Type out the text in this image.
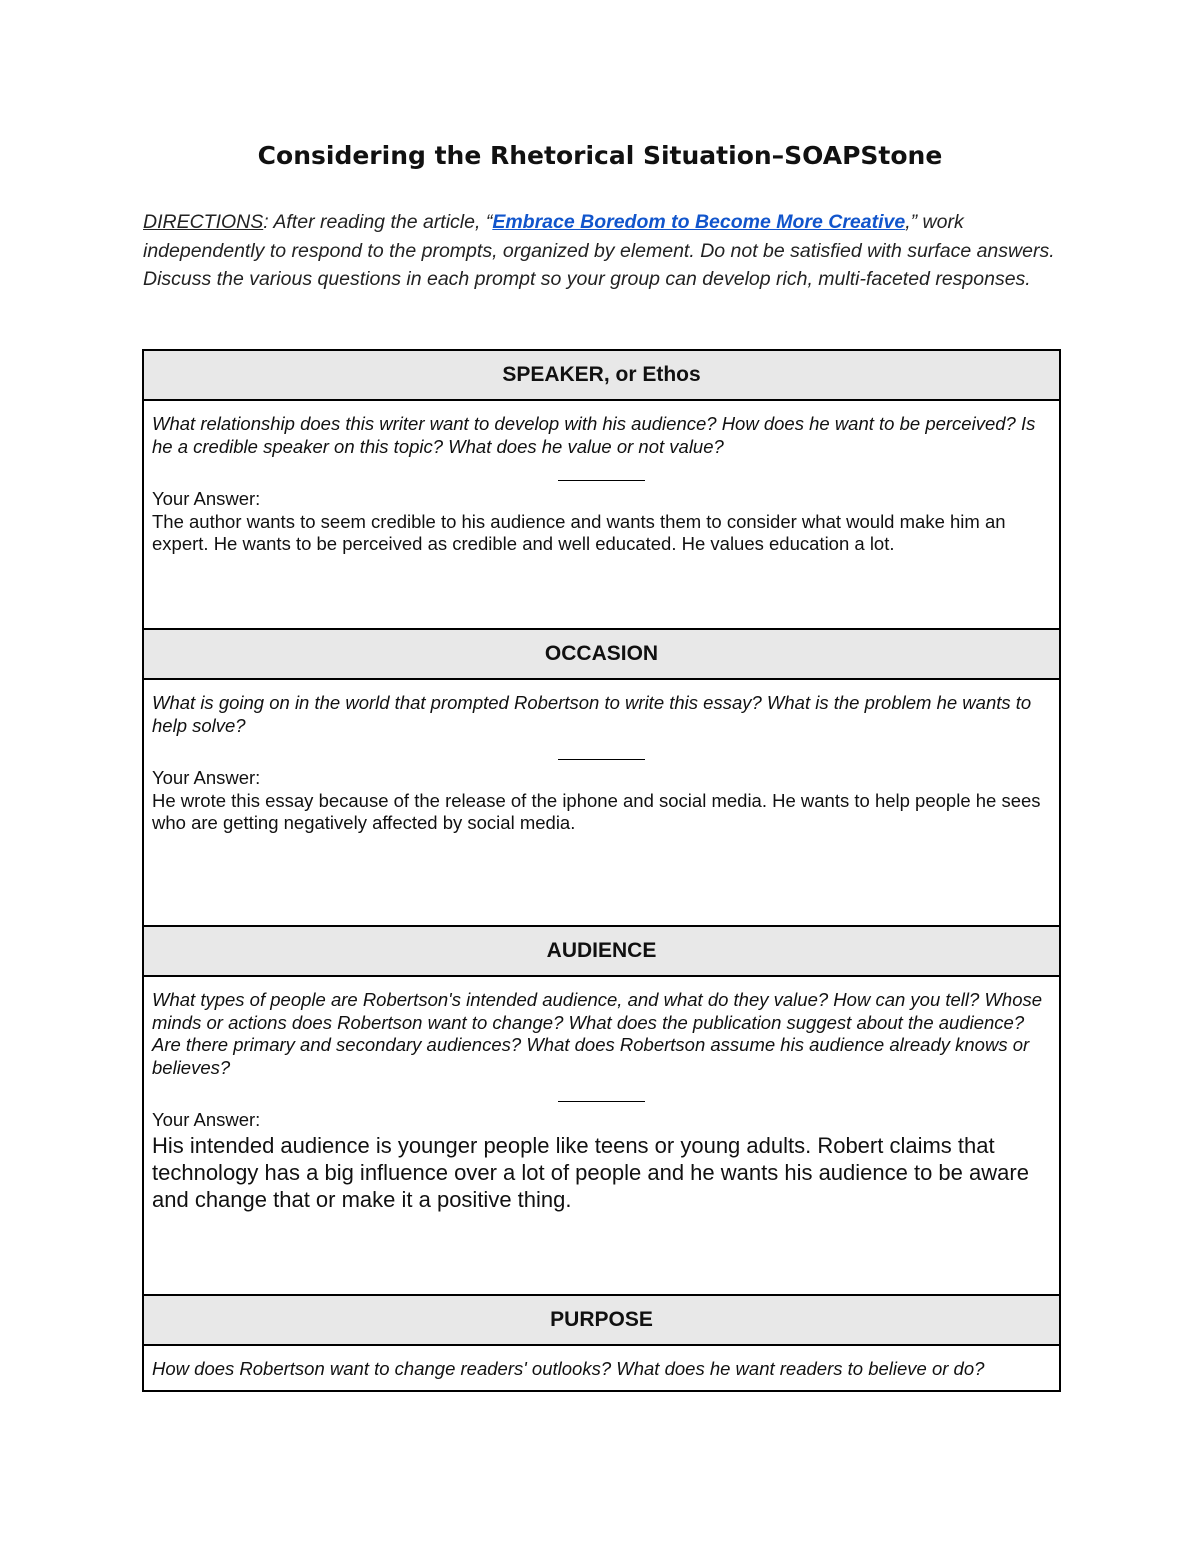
Considering the Rhetorical Situation–SOAPStone
DIRECTIONS: After reading the article, “Embrace Boredom to Become More Creative,” work independently to respond to the prompts, organized by element. Do not be satisfied with surface answers. Discuss the various questions in each prompt so your group can develop rich, multi-faceted responses.
SPEAKER, or Ethos
What relationship does this writer want to develop with his audience? How does he want to be perceived? Is he a credible speaker on this topic? What does he value or not value?
Your Answer:
The author wants to seem credible to his audience and wants them to consider what would make him an expert. He wants to be perceived as credible and well educated. He values education a lot.
OCCASION
What is going on in the world that prompted Robertson to write this essay? What is the problem he wants to help solve?
Your Answer:
He wrote this essay because of the release of the iphone and social media. He wants to help people he sees who are getting negatively affected by social media.
AUDIENCE
What types of people are Robertson's intended audience, and what do they value? How can you tell? Whose minds or actions does Robertson want to change? What does the publication suggest about the audience? Are there primary and secondary audiences? What does Robertson assume his audience already knows or believes?
Your Answer:
His intended audience is younger people like teens or young adults. Robert claims that technology has a big influence over a lot of people and he wants his audience to be aware and change that or make it a positive thing.
PURPOSE
How does Robertson want to change readers' outlooks? What does he want readers to believe or do?
